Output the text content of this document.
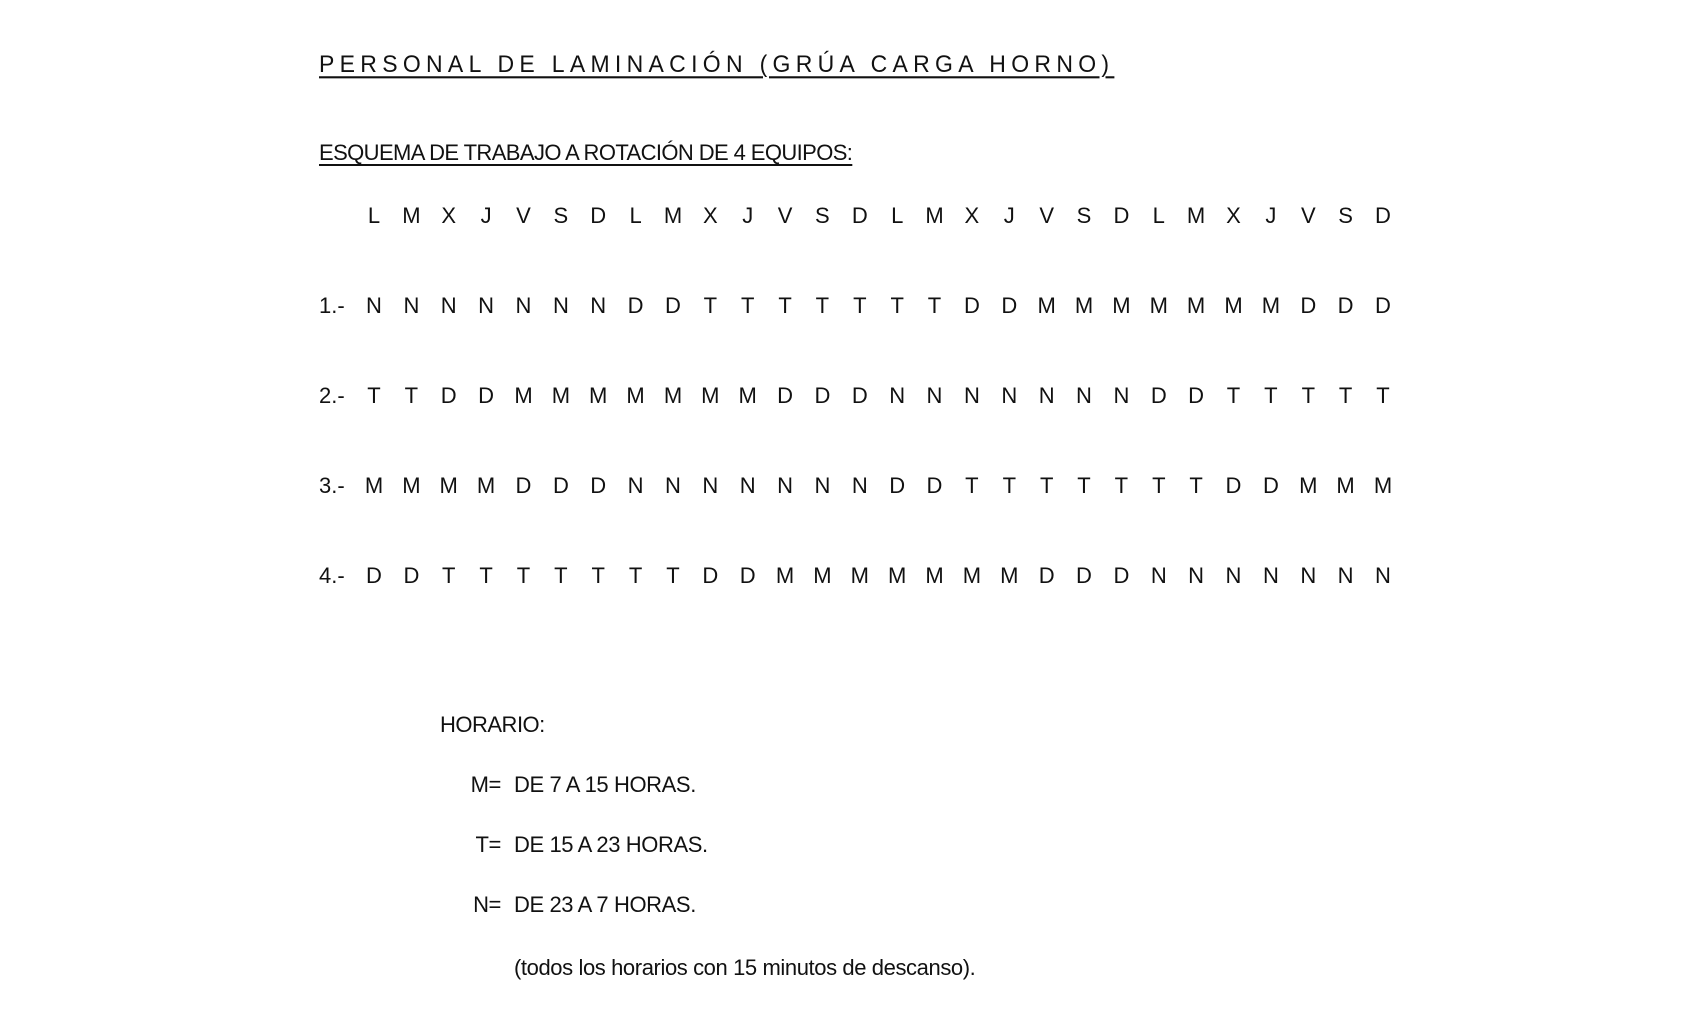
PERSONAL DE LAMINACIÓN (GRÚA CARGA HORNO)
ESQUEMA DE TRABAJO A ROTACIÓN DE 4 EQUIPOS:
L	M X	J	V	S	D	L	M X	J	V	S	D	L	M X	J	V	S	D	L	M X	J	V	S	D
1.- N N N N N N N D D	T	T	T	T	T	T	T	D D M M M M M M M D D D
2.-	T	T	D D M M M M M M M D D D N N N N N N N D D	T	T	T	T	T
3.- M M M M D D D N N N N N N N D D	T	T	T	T	T	T	T	D D M M M
4.- D D	T	T	T	T	T	T	T	D D M M M M M M M D D D N N N N N N N
HORARIO:
M= DE 7 A 15 HORAS.
T= DE 15 A 23 HORAS.
N= DE 23 A 7 HORAS.
(todos los horarios con 15 minutos de descanso).
